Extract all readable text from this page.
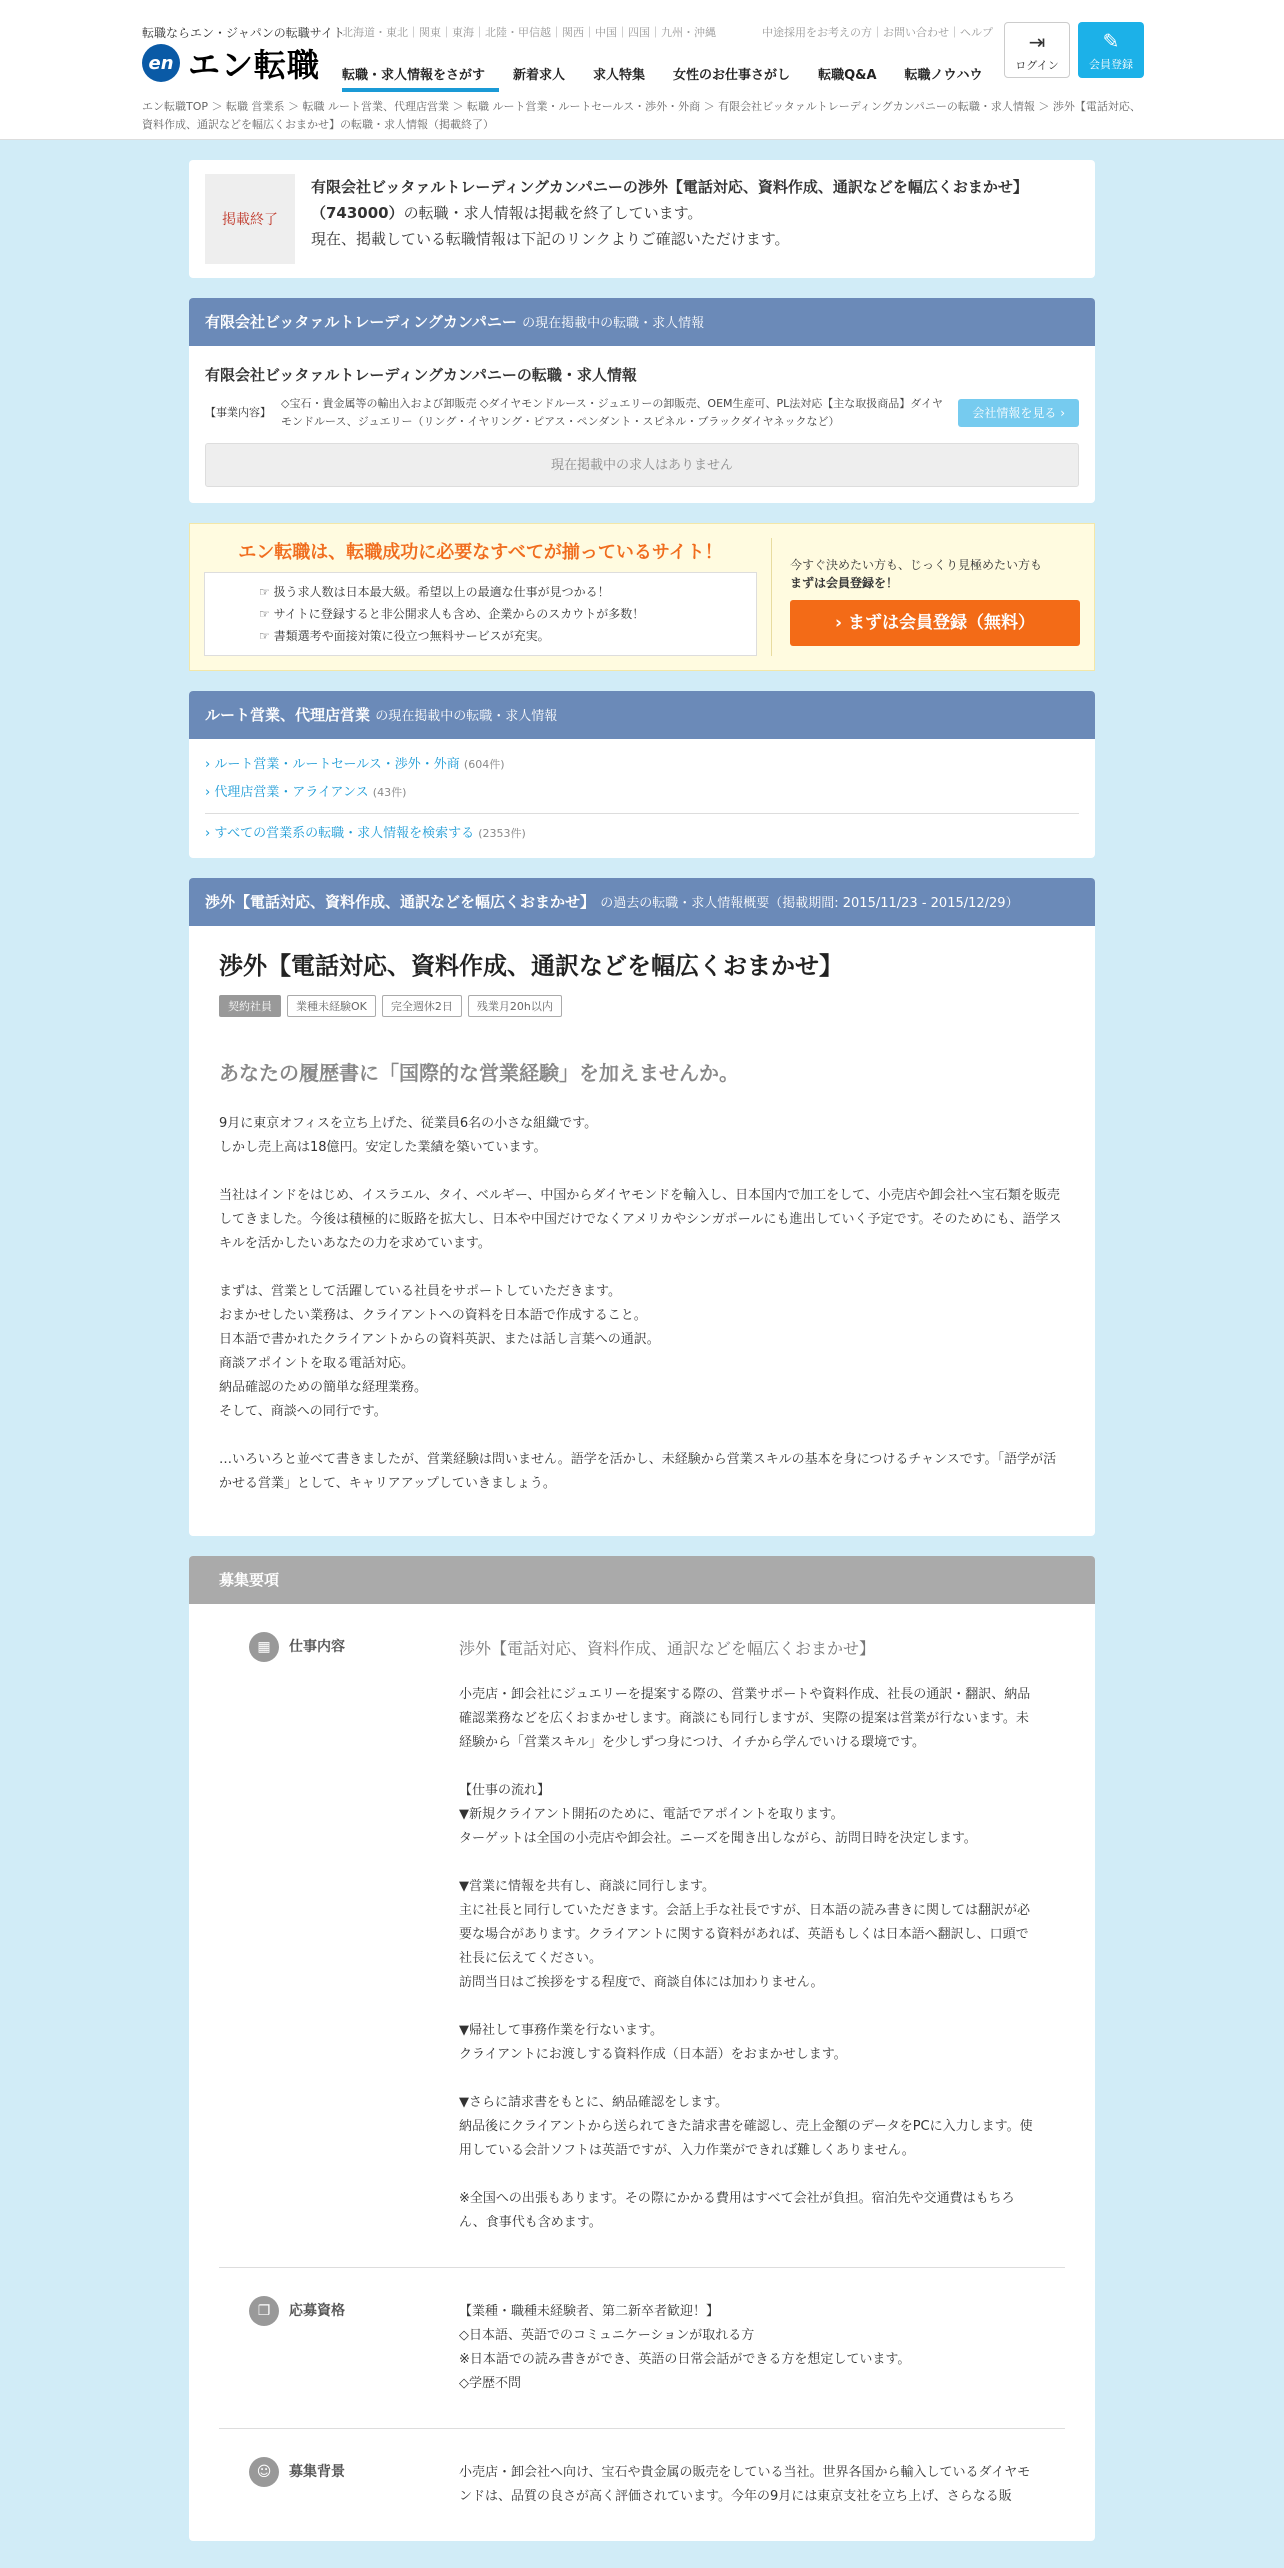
転職ならエン・ジャパンの転職サイト
en エン転職
北海道・東北｜関東｜東海｜北陸・甲信越｜関西｜中国｜四国｜九州・沖縄	中途採用をお考えの方｜お問い合わせ｜ヘルプ
転職・求人情報をさがす	新着求人	求人特集	女性のお仕事さがし	転職Q&A	転職ノウハウ
⇥
ログイン
✎
会員登録
エン転職TOP ＞ 転職 営業系 ＞ 転職 ルート営業、代理店営業 ＞ 転職 ルート営業・ルートセールス・渉外・外商 ＞ 有限会社ビッタァルトレーディングカンパニーの転職・求人情報 ＞ 渉外【電話対応、資料作成、通訳などを幅広くおまかせ】の転職・求人情報（掲載終了）
掲載終了
有限会社ビッタァルトレーディングカンパニーの渉外【電話対応、資料作成、通訳などを幅広くおまかせ】（743000）の転職・求人情報は掲載を終了しています。
現在、掲載している転職情報は下記のリンクよりご確認いただけます。
有限会社ビッタァルトレーディングカンパニー の現在掲載中の転職・求人情報
有限会社ビッタァルトレーディングカンパニーの転職・求人情報
【事業内容】
◇宝石・貴金属等の輸出入および卸販売 ◇ダイヤモンドルース・ジュエリーの卸販売、OEM生産可、PL法対応【主な取扱商品】ダイヤモンドルース、ジュエリー（リング・イヤリング・ピアス・ペンダント・スピネル・ブラックダイヤネックなど）
会社情報を見る ›
現在掲載中の求人はありません
エン転職は、転職成功に必要なすべてが揃っているサイト！
☞ 扱う求人数は日本最大級。希望以上の最適な仕事が見つかる！
☞ サイトに登録すると非公開求人も含め、企業からのスカウトが多数！
☞ 書類選考や面接対策に役立つ無料サービスが充実。
今すぐ決めたい方も、じっくり見極めたい方も
まずは会員登録を！
› まずは会員登録（無料）
ルート営業、代理店営業 の現在掲載中の転職・求人情報
› ルート営業・ルートセールス・渉外・外商 (604件)
› 代理店営業・アライアンス (43件)
› すべての営業系の転職・求人情報を検索する (2353件)
渉外【電話対応、資料作成、通訳などを幅広くおまかせ】 の過去の転職・求人情報概要（掲載期間: 2015/11/23 - 2015/12/29）
渉外【電話対応、資料作成、通訳などを幅広くおまかせ】
契約社員	業種未経験OK	完全週休2日	残業月20h以内
あなたの履歴書に「国際的な営業経験」を加えませんか。
9月に東京オフィスを立ち上げた、従業員6名の小さな組織です。
しかし売上高は18億円。安定した業績を築いています。
当社はインドをはじめ、イスラエル、タイ、ベルギー、中国からダイヤモンドを輸入し、日本国内で加工をして、小売店や卸会社へ宝石類を販売してきました。今後は積極的に販路を拡大し、日本や中国だけでなくアメリカやシンガポールにも進出していく予定です。そのためにも、語学スキルを活かしたいあなたの力を求めています。
まずは、営業として活躍している社員をサポートしていただきます。
おまかせしたい業務は、クライアントへの資料を日本語で作成すること。
日本語で書かれたクライアントからの資料英訳、または話し言葉への通訳。
商談アポイントを取る電話対応。
納品確認のための簡単な経理業務。
そして、商談への同行です。
…いろいろと並べて書きましたが、営業経験は問いません。語学を活かし、未経験から営業スキルの基本を身につけるチャンスです。「語学が活かせる営業」として、キャリアアップしていきましょう。
募集要項
▦	仕事内容	渉外【電話対応、資料作成、通訳などを幅広くおまかせ】
小売店・卸会社にジュエリーを提案する際の、営業サポートや資料作成、社長の通訳・翻訳、納品確認業務などを広くおまかせします。商談にも同行しますが、実際の提案は営業が行ないます。未経験から「営業スキル」を少しずつ身につけ、イチから学んでいける環境です。

【仕事の流れ】
▼新規クライアント開拓のために、電話でアポイントを取ります。
ターゲットは全国の小売店や卸会社。ニーズを聞き出しながら、訪問日時を決定します。

▼営業に情報を共有し、商談に同行します。
主に社長と同行していただきます。会話上手な社長ですが、日本語の読み書きに関しては翻訳が必要な場合があります。クライアントに関する資料があれば、英語もしくは日本語へ翻訳し、口頭で社長に伝えてください。
訪問当日はご挨拶をする程度で、商談自体には加わりません。

▼帰社して事務作業を行ないます。
クライアントにお渡しする資料作成（日本語）をおまかせします。

▼さらに請求書をもとに、納品確認をします。
納品後にクライアントから送られてきた請求書を確認し、売上金額のデータをPCに入力します。使用している会計ソフトは英語ですが、入力作業ができれば難しくありません。

※全国への出張もあります。その際にかかる費用はすべて会社が負担。宿泊先や交通費はもちろん、食事代も含めます。
❐	応募資格	【業種・職種未経験者、第二新卒者歓迎！】
◇日本語、英語でのコミュニケーションが取れる方
※日本語での読み書きができ、英語の日常会話ができる方を想定しています。
◇学歴不問
☺	募集背景	小売店・卸会社へ向け、宝石や貴金属の販売をしている当社。世界各国から輸入しているダイヤモンドは、品質の良さが高く評価されています。今年の9月には東京支社を立ち上げ、さらなる販
